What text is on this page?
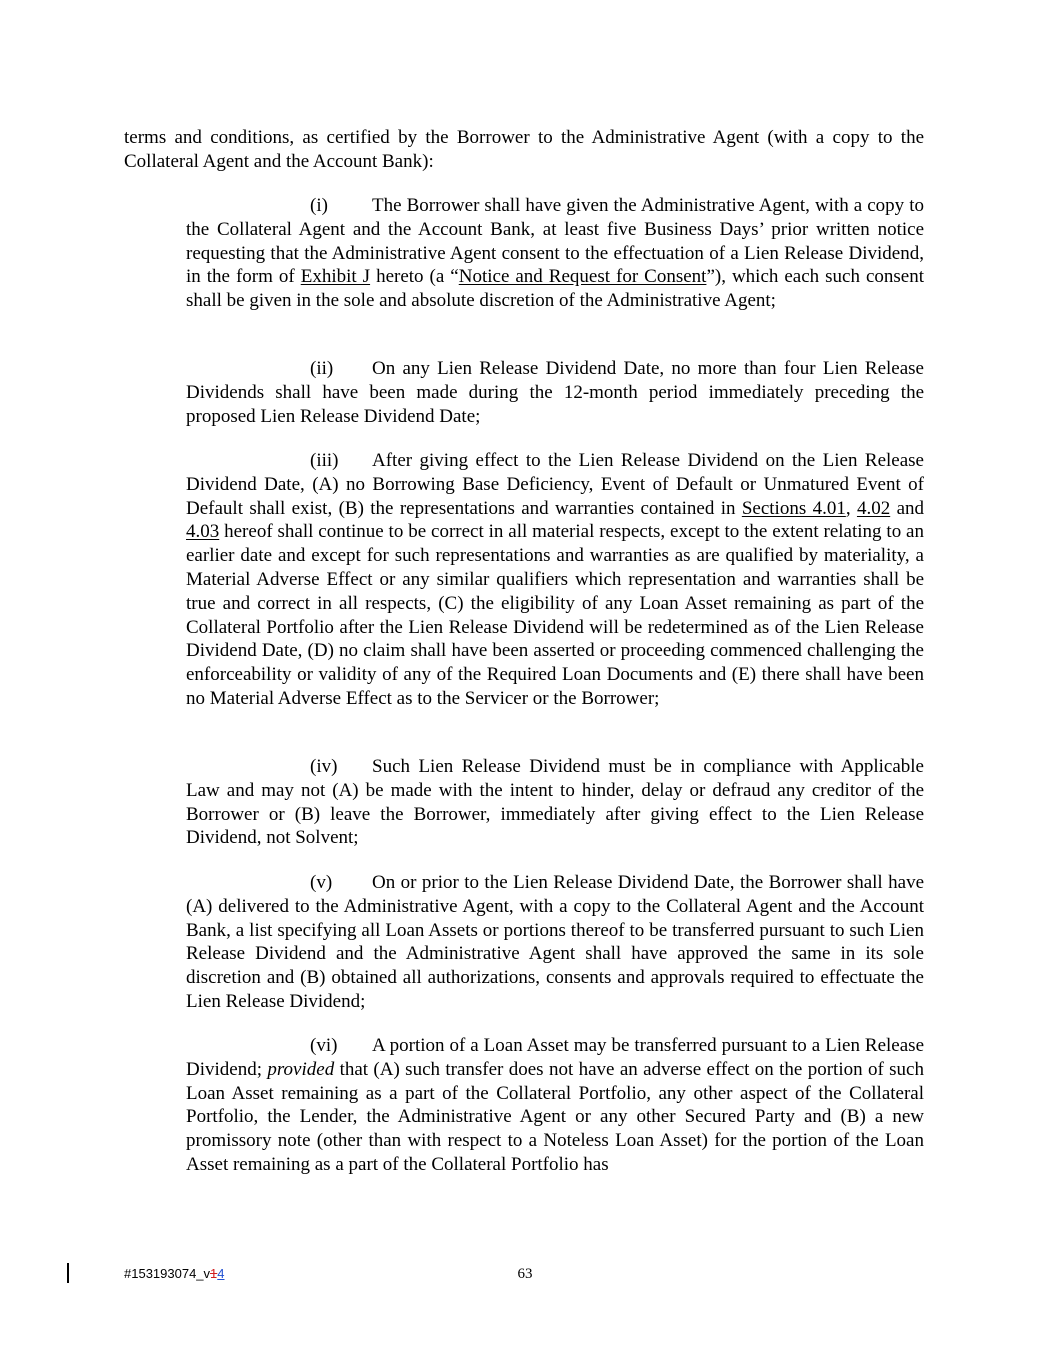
terms and conditions, as certified by the Borrower to the Administrative Agent (with a copy to the Collateral Agent and the Account Bank):

(i) The Borrower shall have given the Administrative Agent, with a copy to the Collateral Agent and the Account Bank, at least five Business Days’ prior written notice requesting that the Administrative Agent consent to the effectuation of a Lien Release Dividend, in the form of Exhibit J hereto (a “Notice and Request for Consent”), which each such consent shall be given in the sole and absolute discretion of the Administrative Agent;

(ii) On any Lien Release Dividend Date, no more than four Lien Release Dividends shall have been made during the 12-month period immediately preceding the proposed Lien Release Dividend Date;

(iii) After giving effect to the Lien Release Dividend on the Lien Release Dividend Date, (A) no Borrowing Base Deficiency, Event of Default or Unmatured Event of Default shall exist, (B) the representations and warranties contained in Sections 4.01, 4.02 and 4.03 hereof shall continue to be correct in all material respects, except to the extent relating to an earlier date and except for such representations and warranties as are qualified by materiality, a Material Adverse Effect or any similar qualifiers which representation and warranties shall be true and correct in all respects, (C) the eligibility of any Loan Asset remaining as part of the Collateral Portfolio after the Lien Release Dividend will be redetermined as of the Lien Release Dividend Date, (D) no claim shall have been asserted or proceeding commenced challenging the enforceability or validity of any of the Required Loan Documents and (E) there shall have been no Material Adverse Effect as to the Servicer or the Borrower;

(iv) Such Lien Release Dividend must be in compliance with Applicable Law and may not (A) be made with the intent to hinder, delay or defraud any creditor of the Borrower or (B) leave the Borrower, immediately after giving effect to the Lien Release Dividend, not Solvent;

(v) On or prior to the Lien Release Dividend Date, the Borrower shall have (A) delivered to the Administrative Agent, with a copy to the Collateral Agent and the Account Bank, a list specifying all Loan Assets or portions thereof to be transferred pursuant to such Lien Release Dividend and the Administrative Agent shall have approved the same in its sole discretion and (B) obtained all authorizations, consents and approvals required to effectuate the Lien Release Dividend;

(vi) A portion of a Loan Asset may be transferred pursuant to a Lien Release Dividend; provided that (A) such transfer does not have an adverse effect on the portion of such Loan Asset remaining as a part of the Collateral Portfolio, any other aspect of the Collateral Portfolio, the Lender, the Administrative Agent or any other Secured Party and (B) a new promissory note (other than with respect to a Noteless Loan Asset) for the portion of the Loan Asset remaining as a part of the Collateral Portfolio has

#153193074_v14	63
